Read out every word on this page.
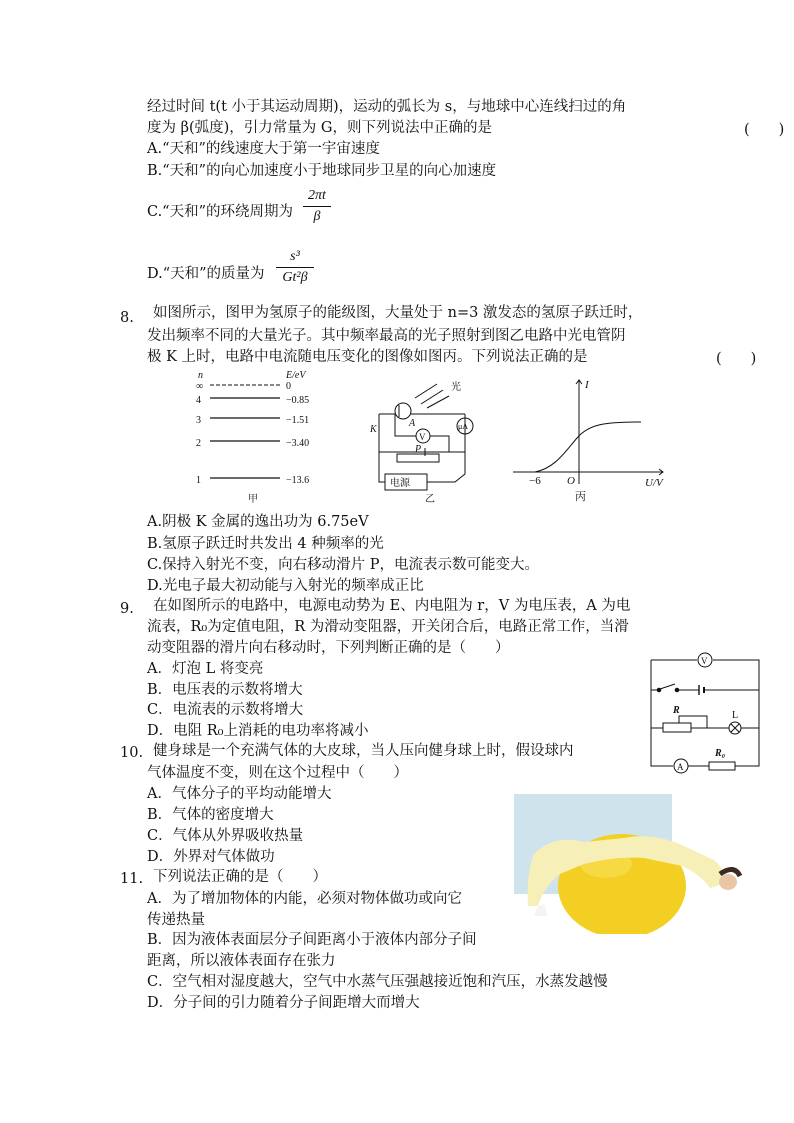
经过时间 t(t 小于其运动周期)，运动的弧长为 s，与地球中心连线扫过的角
度为 β(弧度)，引力常量为 G，则下列说法中正确的是	(　　)
A.“天和”的线速度大于第一宇宙速度
B.“天和”的向心加速度小于地球同步卫星的向心加速度
C.“天和”的环绕周期为
2πt
β
D.“天和”的质量为
s³
Gt²β
8. 如图所示，图甲为氢原子的能级图，大量处于 n=3 激发态的氢原子跃迁时，
发出频率不同的大量光子。其中频率最高的光子照射到图乙电路中光电管阴
极 K 上时，电路中电流随电压变化的图像如图丙。下列说法正确的是	(　　)
n	E/eV
∞	0
4	−0.85
3	−1.51
2	−3.40
1	−13.6
甲
光
K
A
V
μA
P
电源
乙
I
U/V
O
−6
丙
A.阴极 K 金属的逸出功为 6.75eV
B.氢原子跃迁时共发出 4 种频率的光
C.保持入射光不变，向右移动滑片 P，电流表示数可能变大。
D.光电子最大初动能与入射光的频率成正比
9. 在如图所示的电路中，电源电动势为 E、内电阻为 r，V 为电压表，A 为电
流表，R₀为定值电阻，R 为滑动变阻器，开关闭合后，电路正常工作，当滑
动变阻器的滑片向右移动时，下列判断正确的是（　　）
A．灯泡 L 将变亮
B．电压表的示数将增大
C．电流表的示数将增大
D．电阻 R₀上消耗的电功率将减小
V
R	L
A
R₀
10. 健身球是一个充满气体的大皮球，当人压向健身球上时，假设球内
气体温度不变，则在这个过程中（　　）
A．气体分子的平均动能增大
B．气体的密度增大
C．气体从外界吸收热量
D．外界对气体做功
11. 下列说法正确的是（　　）
A．为了增加物体的内能，必须对物体做功或向它
传递热量
B．因为液体表面层分子间距离小于液体内部分子间
距离，所以液体表面存在张力
C．空气相对湿度越大，空气中水蒸气压强越接近饱和汽压，水蒸发越慢
D．分子间的引力随着分子间距增大而增大
